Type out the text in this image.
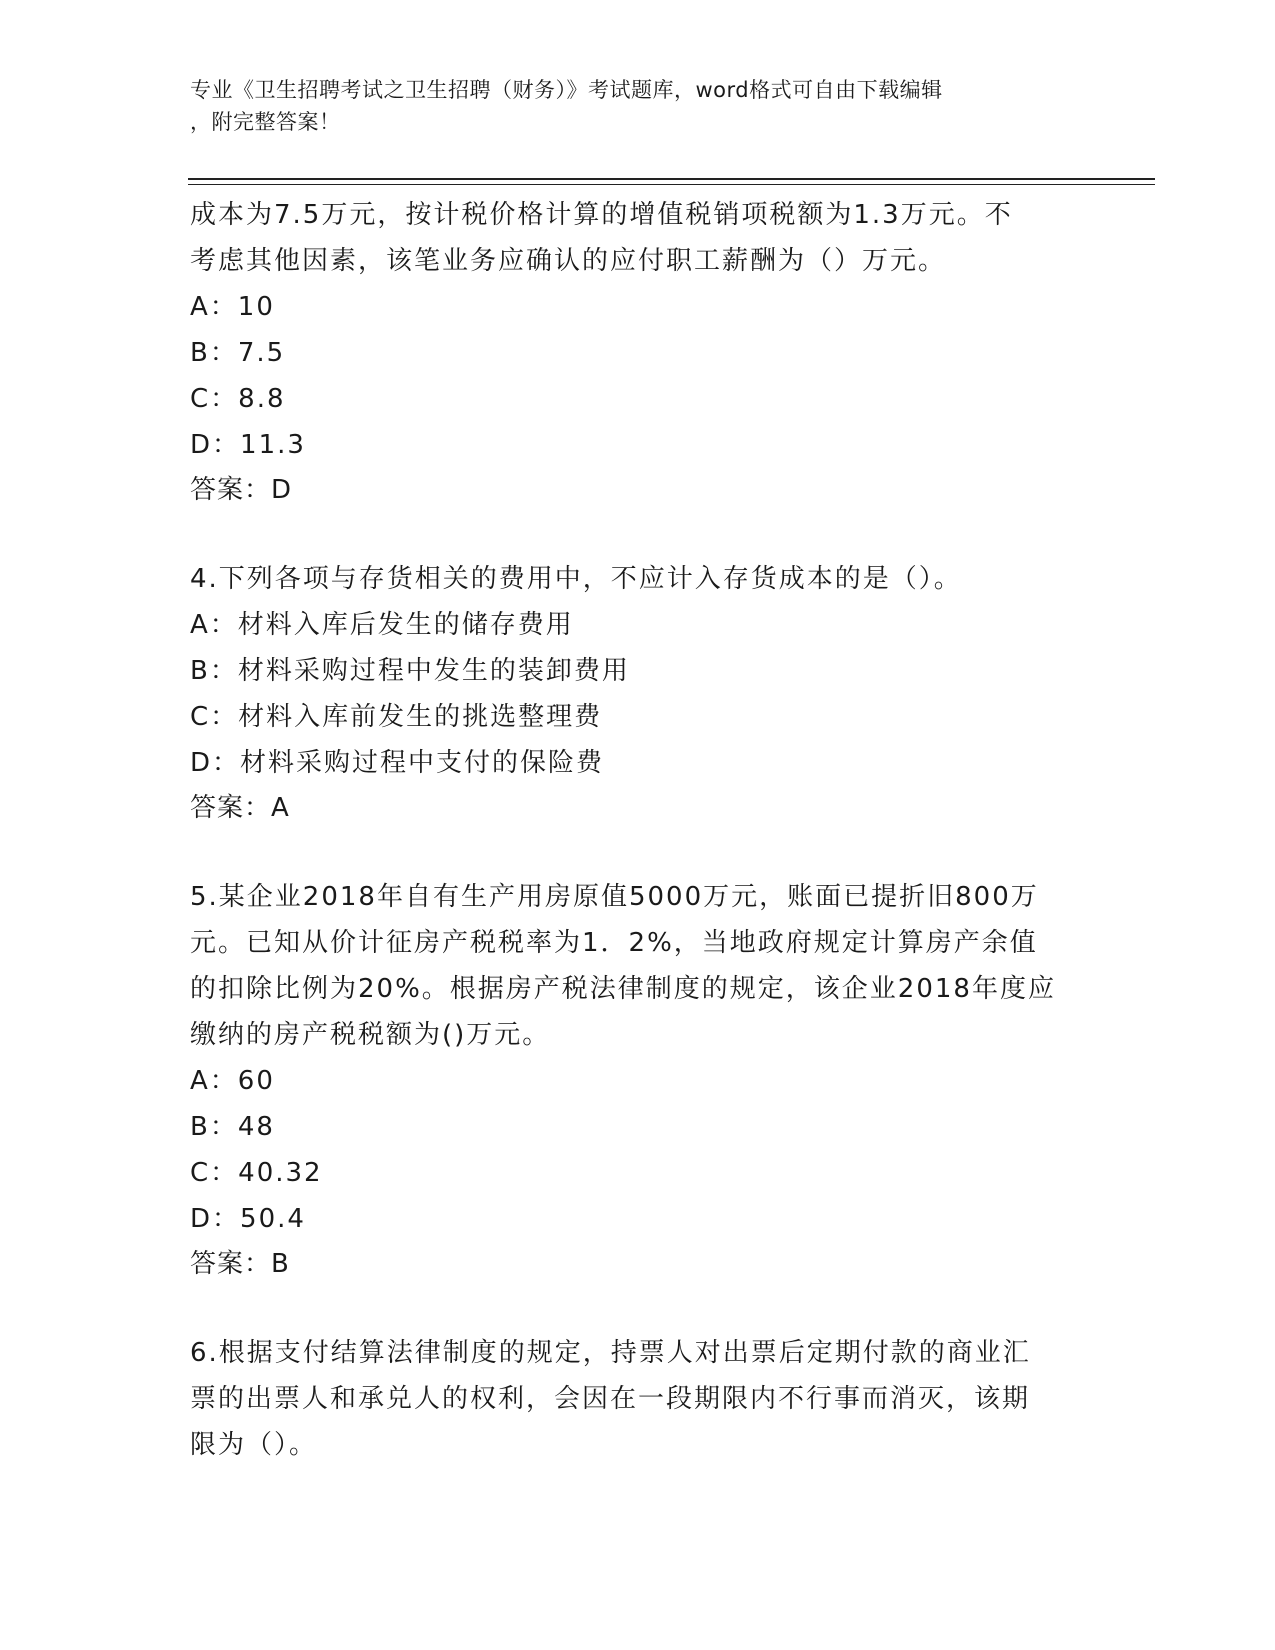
专业《卫生招聘考试之卫生招聘（财务）》考试题库，word格式可自由下载编辑
，附完整答案！
成本为7.5万元，按计税价格计算的增值税销项税额为1.3万元。不
考虑其他因素，该笔业务应确认的应付职工薪酬为（）万元。
A：10
B：7.5
C：8.8
D：11.3
答案：D
4.下列各项与存货相关的费用中，不应计入存货成本的是（）。
A：材料入库后发生的储存费用
B：材料采购过程中发生的装卸费用
C：材料入库前发生的挑选整理费
D：材料采购过程中支付的保险费
答案：A
5.某企业2018年自有生产用房原值5000万元，账面已提折旧800万
元。已知从价计征房产税税率为1．2%，当地政府规定计算房产余值
的扣除比例为20%。根据房产税法律制度的规定，该企业2018年度应
缴纳的房产税税额为()万元。
A：60
B：48
C：40.32
D：50.4
答案：B
6.根据支付结算法律制度的规定，持票人对出票后定期付款的商业汇
票的出票人和承兑人的权利，会因在一段期限内不行事而消灭，该期
限为（）。
